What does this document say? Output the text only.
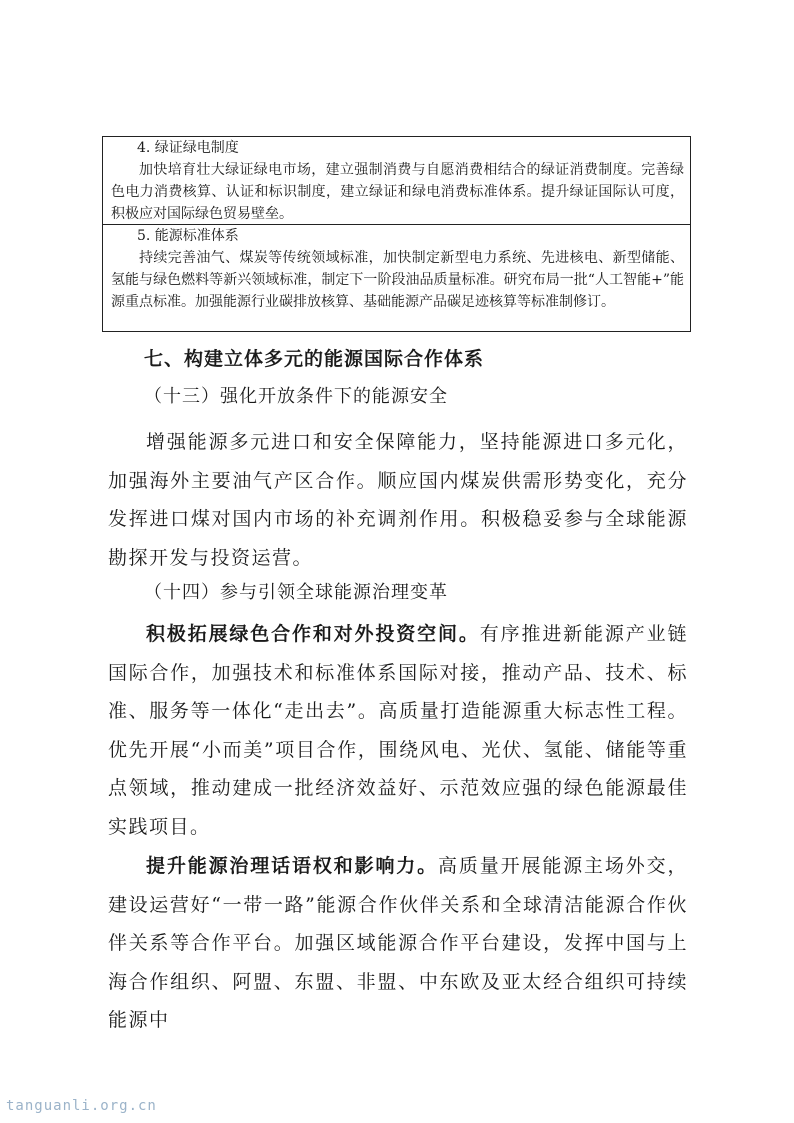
4. 绿证绿电制度
加快培育壮大绿证绿电市场，建立强制消费与自愿消费相结合的绿证消费制度。完善绿色电力消费核算、认证和标识制度，建立绿证和绿电消费标准体系。提升绿证国际认可度，积极应对国际绿色贸易壁垒。
5. 能源标准体系
持续完善油气、煤炭等传统领域标准，加快制定新型电力系统、先进核电、新型储能、氢能与绿色燃料等新兴领域标准，制定下一阶段油品质量标准。研究布局一批“人工智能+”能源重点标准。加强能源行业碳排放核算、基础能源产品碳足迹核算等标准制修订。
七、构建立体多元的能源国际合作体系
（十三）强化开放条件下的能源安全
增强能源多元进口和安全保障能力，坚持能源进口多元化，加强海外主要油气产区合作。顺应国内煤炭供需形势变化，充分发挥进口煤对国内市场的补充调剂作用。积极稳妥参与全球能源勘探开发与投资运营。
（十四）参与引领全球能源治理变革
积极拓展绿色合作和对外投资空间。有序推进新能源产业链国际合作，加强技术和标准体系国际对接，推动产品、技术、标准、服务等一体化“走出去”。高质量打造能源重大标志性工程。优先开展“小而美”项目合作，围绕风电、光伏、氢能、储能等重点领域，推动建成一批经济效益好、示范效应强的绿色能源最佳实践项目。
提升能源治理话语权和影响力。高质量开展能源主场外交，建设运营好“一带一路”能源合作伙伴关系和全球清洁能源合作伙伴关系等合作平台。加强区域能源合作平台建设，发挥中国与上海合作组织、阿盟、东盟、非盟、中东欧及亚太经合组织可持续能源中
tanguanli.org.cn
